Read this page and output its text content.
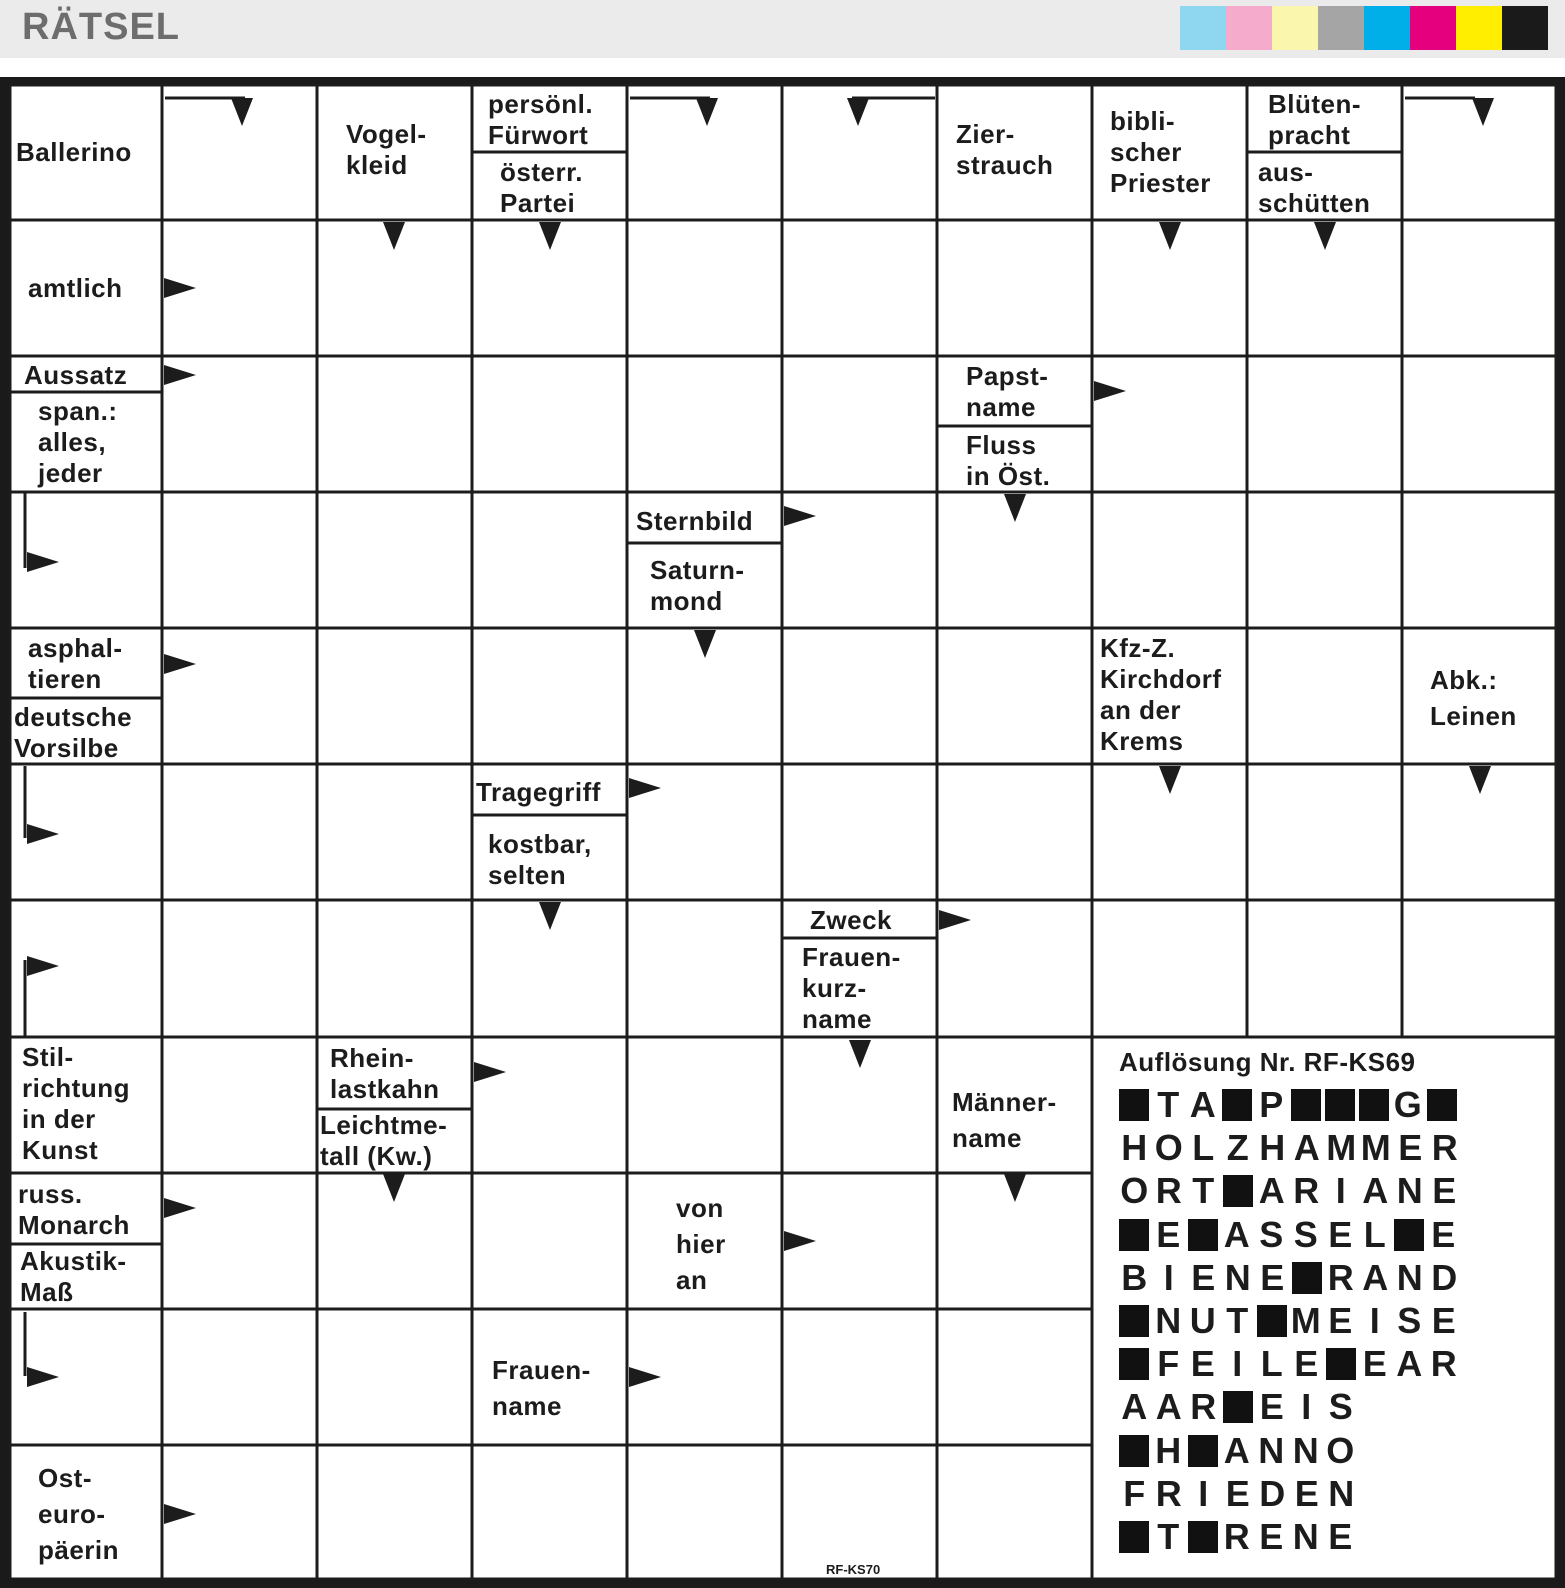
RÄTSEL
Ballerino
Vogel-
kleid
persönl.
Fürwort
österr.
Partei
Zier-
strauch
bibli-
scher
Priester
Blüten-
pracht
aus-
schütten
amtlich
Aussatz
span.:
alles,
jeder
Papst-
name
Fluss
in Öst.
Sternbild
Saturn-
mond
asphal-
tieren
deutsche
Vorsilbe
Kfz-Z.
Kirchdorf
an der
Krems
Abk.:
Leinen
Tragegriff
kostbar,
selten
Zweck
Frauen-
kurz-
name
Stil-
richtung
in der
Kunst
Rhein-
lastkahn
Leichtme-
tall (Kw.)
Männer-
name
russ.
Monarch
Akustik-
Maß
von
hier
an
Frauen-
name
Ost-
euro-
päerin
Auflösung Nr. RF-KS69
T A P	G
H O L Z H A M M E R
O R T A R I A N E
E A S S E L E
B I E N E R A N D
N U T M E I S E
F E I L E E A R
A A R E I S
H A N N O
F R I E D E N
T R E N E
RF-KS70
